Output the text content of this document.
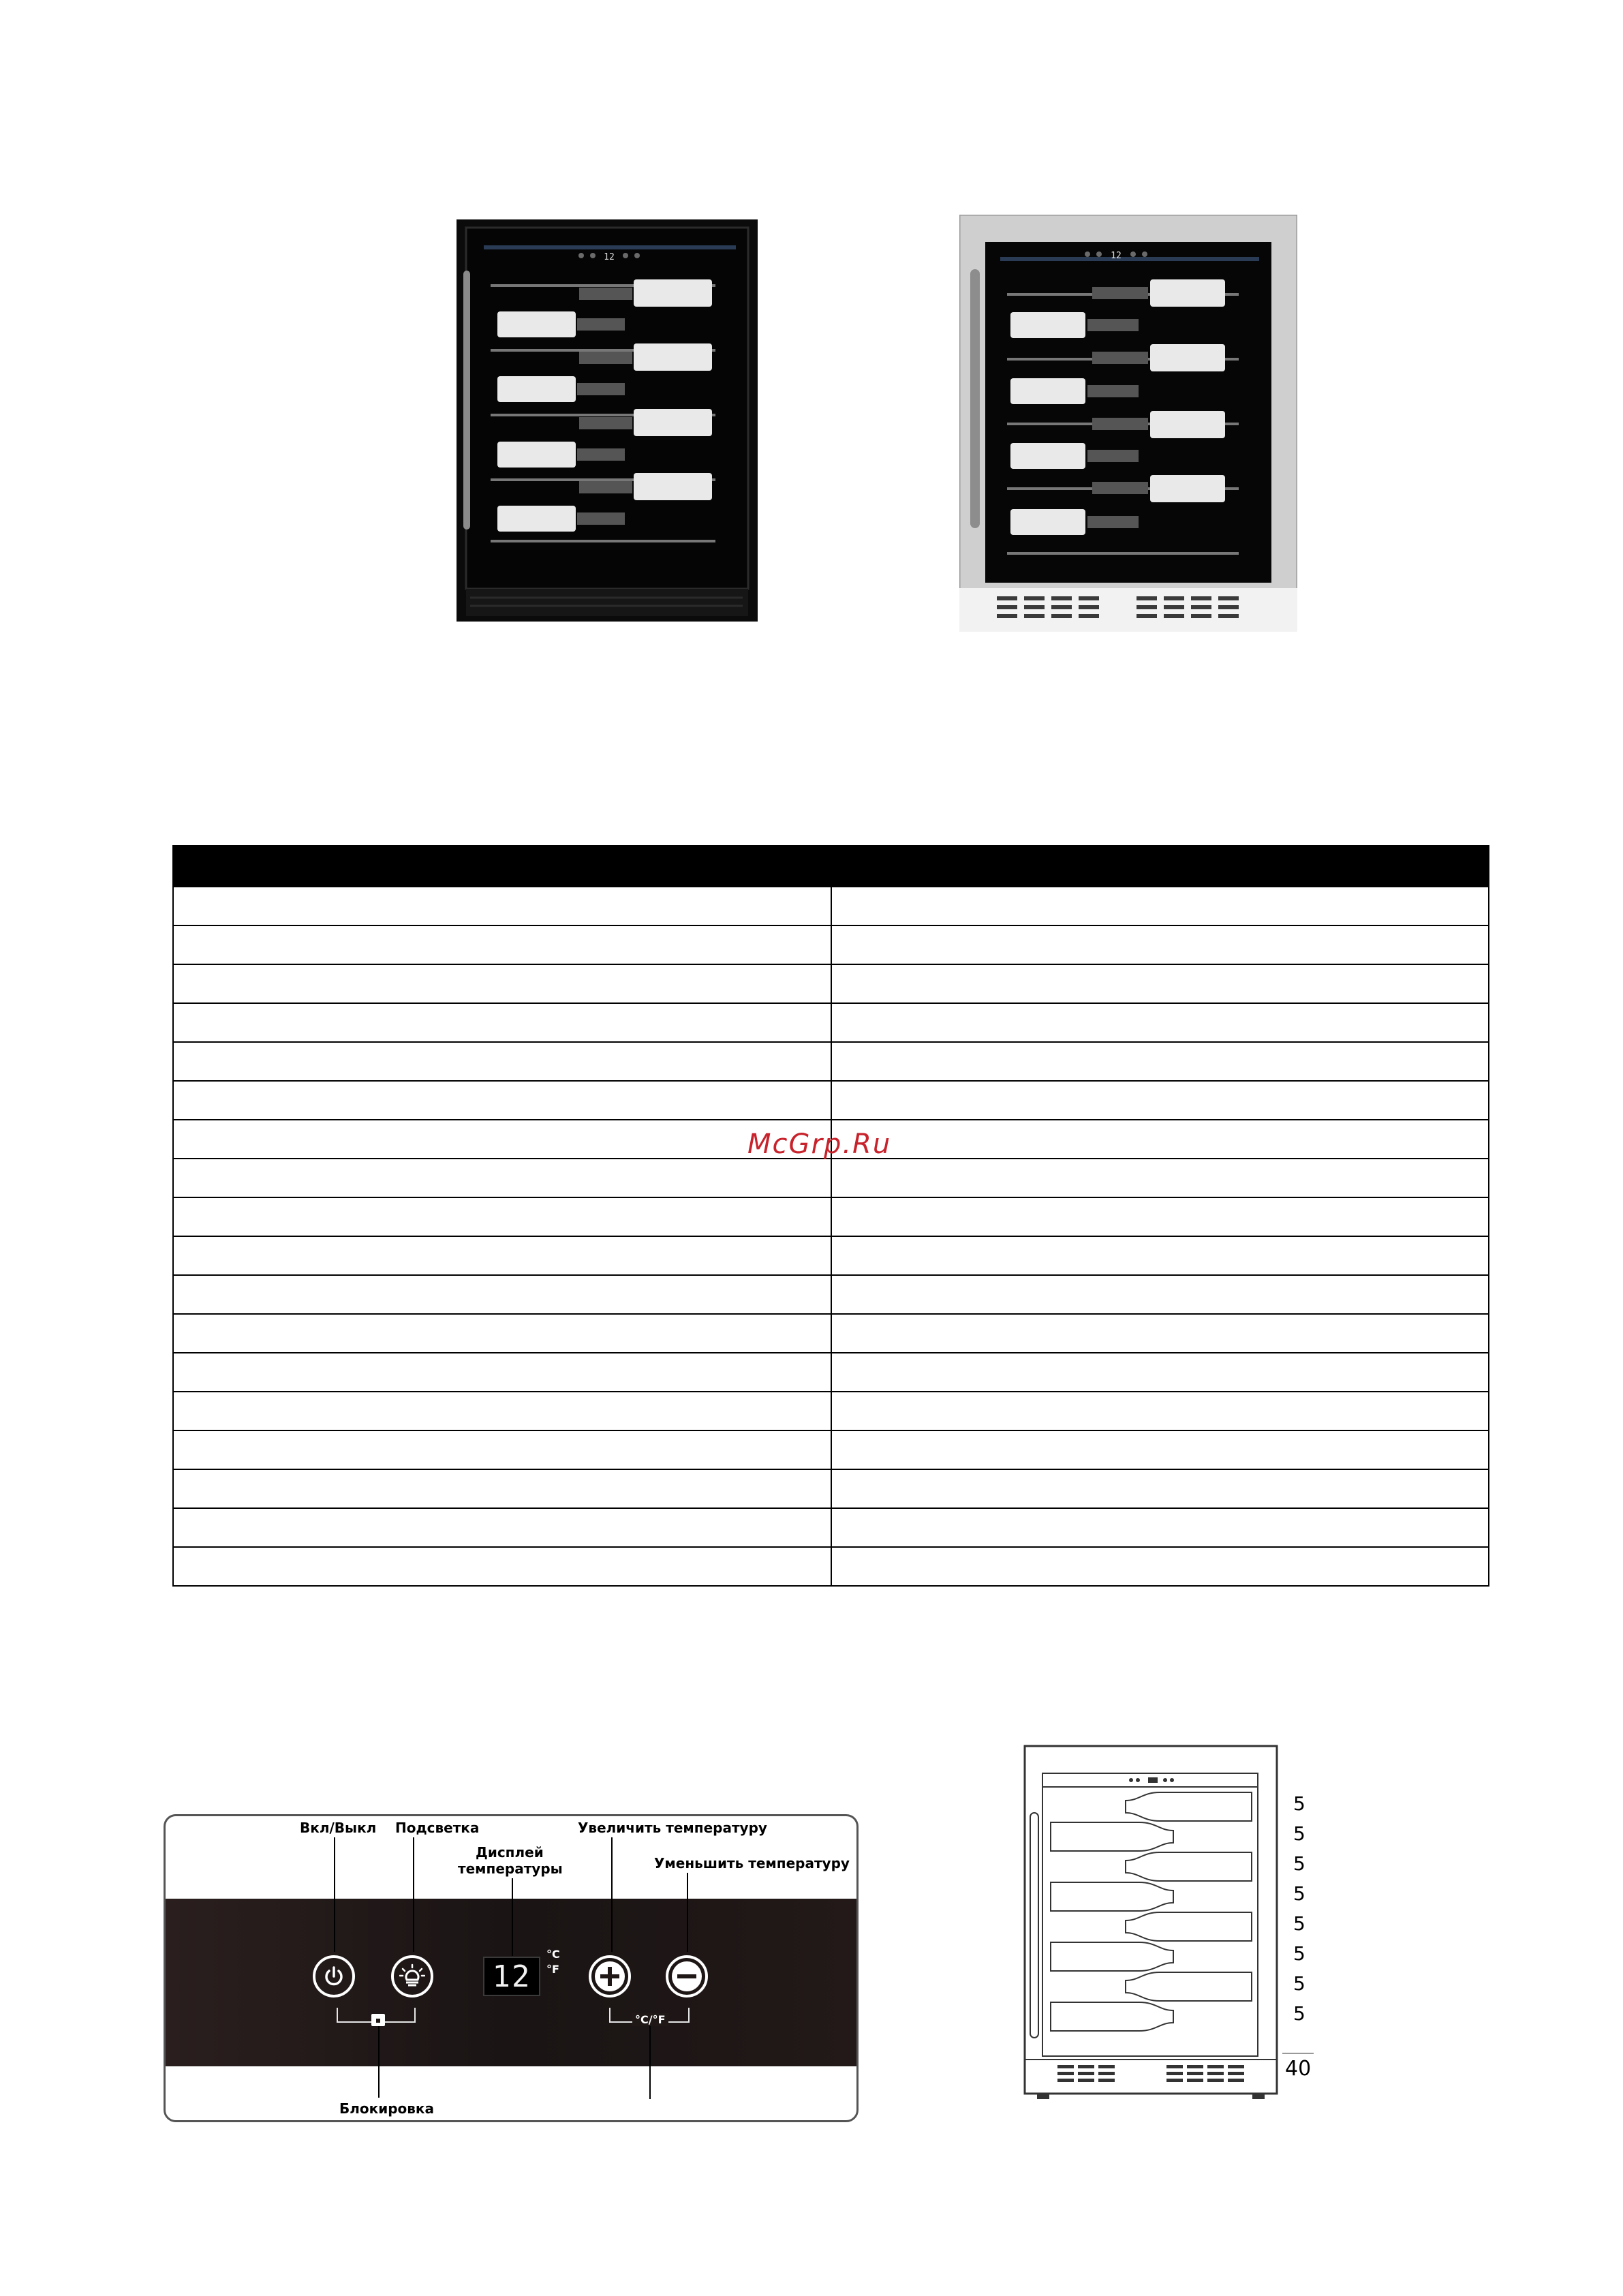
12	12

McGrp.Ru
Вкл/Выкл Подсветка
Дисплей
температуры
Увеличить температуру
Уменьшить температуру
Блокировка
12
°C
°F
°C/°F
5
5
5
5
5
5
5
5
40
